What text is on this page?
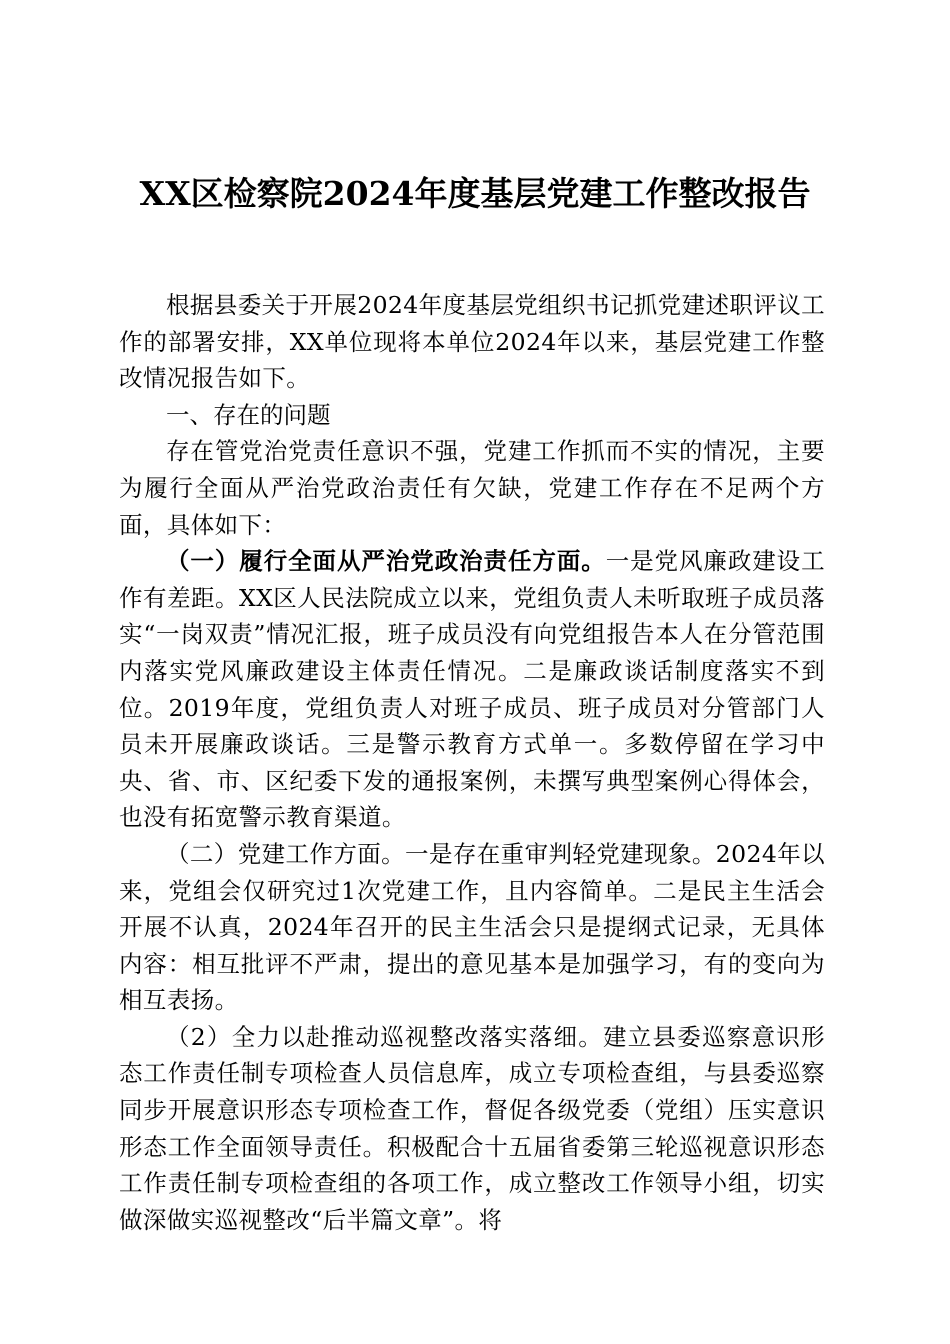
XX区检察院2024年度基层党建工作整改报告

根据县委关于开展2024年度基层党组织书记抓党建述职评议工作的部署安排，XX单位现将本单位2024年以来，基层党建工作整改情况报告如下。

一、存在的问题

存在管党治党责任意识不强，党建工作抓而不实的情况，主要为履行全面从严治党政治责任有欠缺，党建工作存在不足两个方面，具体如下：

（一）履行全面从严治党政治责任方面。一是党风廉政建设工作有差距。XX区人民法院成立以来，党组负责人未听取班子成员落实“一岗双责”情况汇报，班子成员没有向党组报告本人在分管范围内落实党风廉政建设主体责任情况。二是廉政谈话制度落实不到位。2019年度，党组负责人对班子成员、班子成员对分管部门人员未开展廉政谈话。三是警示教育方式单一。多数停留在学习中央、省、市、区纪委下发的通报案例，未撰写典型案例心得体会，也没有拓宽警示教育渠道。

（二）党建工作方面。一是存在重审判轻党建现象。2024年以来，党组会仅研究过1次党建工作，且内容简单。二是民主生活会开展不认真，2024年召开的民主生活会只是提纲式记录，无具体内容：相互批评不严肃，提出的意见基本是加强学习，有的变向为相互表扬。

（2）全力以赴推动巡视整改落实落细。建立县委巡察意识形态工作责任制专项检查人员信息库，成立专项检查组，与县委巡察同步开展意识形态专项检查工作，督促各级党委（党组）压实意识形态工作全面领导责任。积极配合十五届省委第三轮巡视意识形态工作责任制专项检查组的各项工作，成立整改工作领导小组，切实做深做实巡视整改“后半篇文章”。将
